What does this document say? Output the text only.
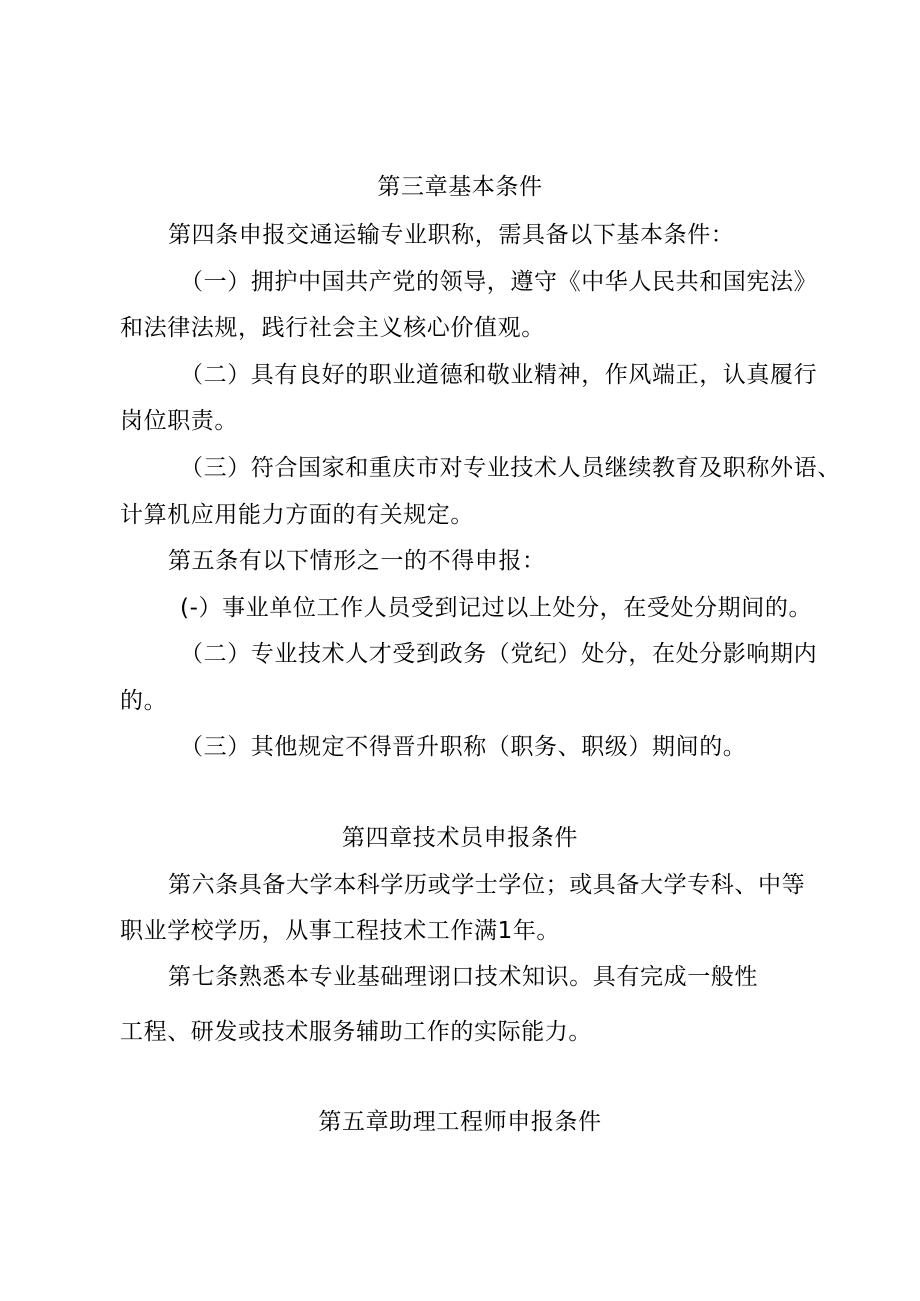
第三章基本条件
第四条申报交通运输专业职称，需具备以下基本条件：
（一）拥护中国共产党的领导，遵守《中华人民共和国宪法》
和法律法规，践行社会主义核心价值观。
（二）具有良好的职业道德和敬业精神，作风端正，认真履行
岗位职责。
（三）符合国家和重庆市对专业技术人员继续教育及职称外语、
计算机应用能力方面的有关规定。
第五条有以下情形之一的不得申报：
(-）事业单位工作人员受到记过以上处分，在受处分期间的。
（二）专业技术人才受到政务（党纪）处分，在处分影响期内
的。
（三）其他规定不得晋升职称（职务、职级）期间的。
第四章技术员申报条件
第六条具备大学本科学历或学士学位；或具备大学专科、中等
职业学校学历，从事工程技术工作满1年。
第七条熟悉本专业基础理诩口技术知识。具有完成一般性
工程、研发或技术服务辅助工作的实际能力。
第五章助理工程师申报条件
